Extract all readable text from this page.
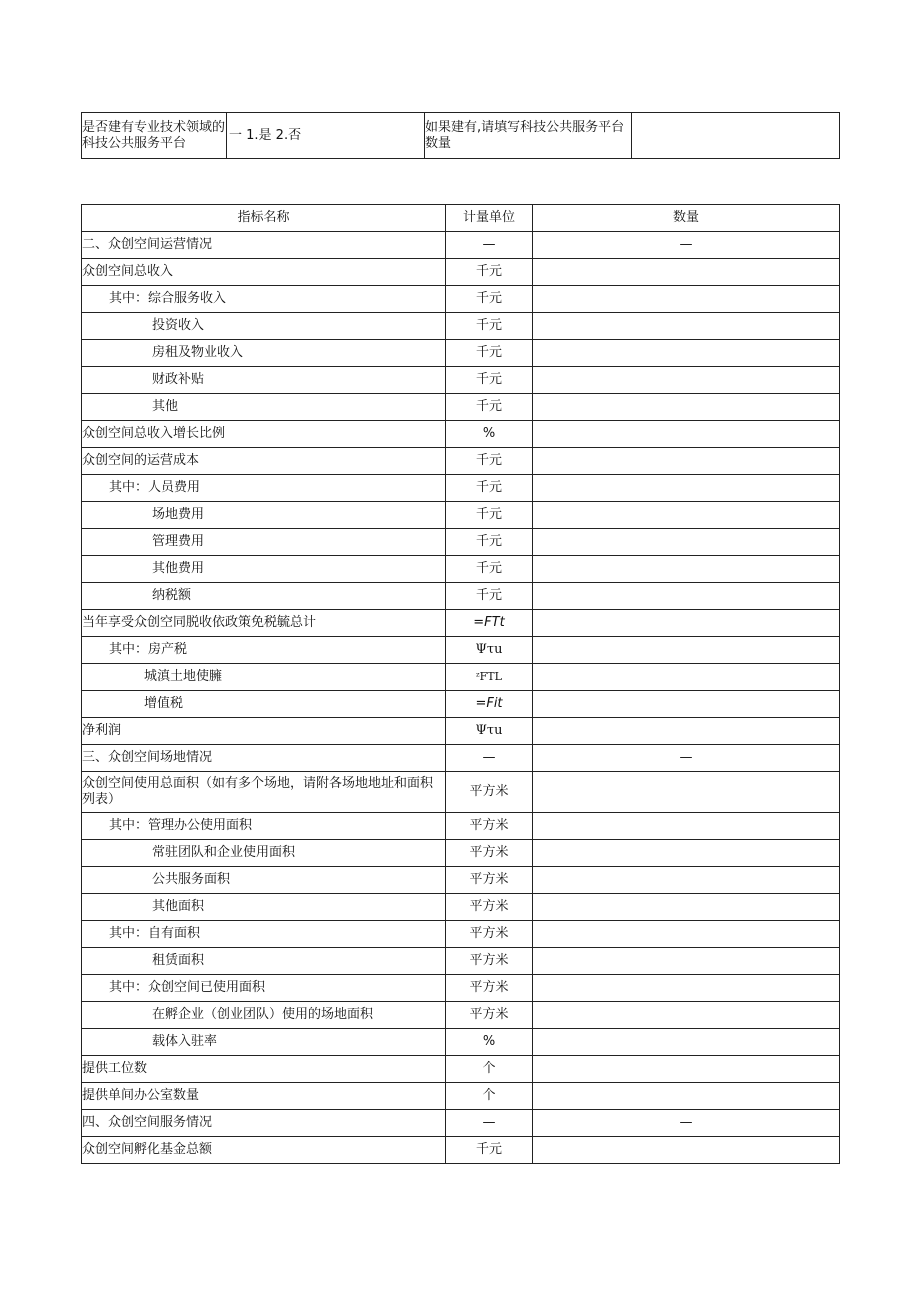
是否建有专业技术领域的科技公共服务平台	一 1.是 2.否	如果建有,请填写科技公共服务平台数量	
指标名称	计量单位	数量
二、众创空间运营情况	—	—
众创空间总收入	千元	
其中：综合服务收入	千元	
投资收入	千元	
房租及物业收入	千元	
财政补贴	千元	
其他	千元	
众创空间总收入增长比例	%	
众创空间的运营成本	千元	
其中：人员费用	千元	
场地费用	千元	
管理费用	千元	
其他费用	千元	
纳税额	千元	
当年享受众创空同脱收依政策免税毓总计	=FTt	
其中：房产税	Ψτu	
城滇土地使臃	ᶻFTL	
增值税	=Fit	
净利润	Ψτu	
三、众创空间场地情况	—	—
众创空间使用总面积（如有多个场地，请附各场地地址和面积列表）	平方米	
其中：管理办公使用面积	平方米	
常驻团队和企业使用面积	平方米	
公共服务面积	平方米	
其他面积	平方米	
其中：自有面积	平方米	
租赁面积	平方米	
其中：众创空间已使用面积	平方米	
在孵企业（创业团队）使用的场地面积	平方米	
载体入驻率	%	
提供工位数	个	
提供单间办公室数量	个	
四、众创空间服务情况	—	—
众创空间孵化基金总额	千元	
